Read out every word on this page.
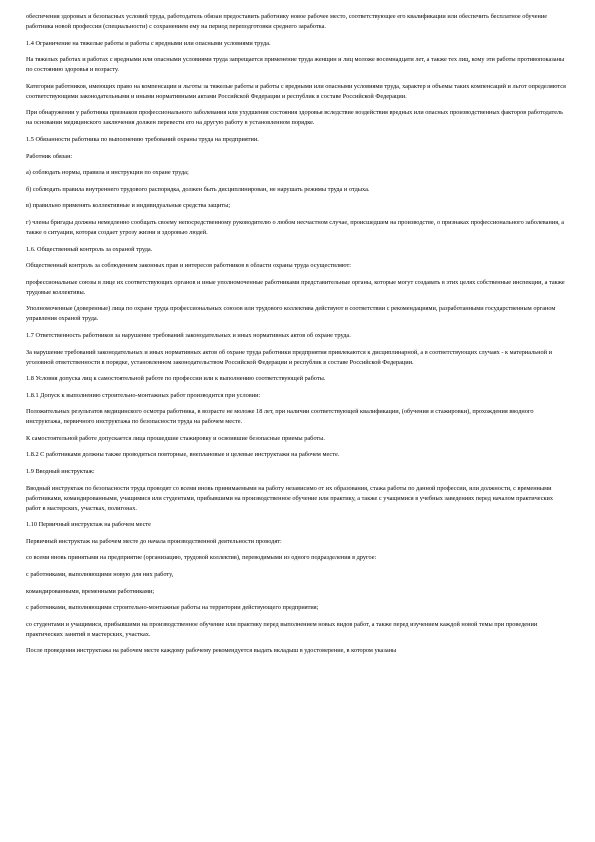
обеспечения здоровых и безопасных условий труда, работодатель обязан предоставить работнику новое рабочее место, соответствующее его квалификации или обеспечить бесплатное обучение работника новой профессии (специальности) с сохранением ему на период переподготовки среднего заработка.

1.4 Ограничение на тяжелые работы и работы с вредными или опасными условиями труда.

На тяжелых работах и работах с вредными или опасными условиями труда запрещается применение труда женщин и лиц моложе восемнадцати лет, а также тех лиц, кому эти работы противопоказаны по состоянию здоровья и возрасту.

Категории работников, имеющих право на компенсации и льготы за тяжелые работы и работы с вредными или опасными условиями труда, характер и объемы таких компенсаций и льгот определяются соответствующими законодательными и иными нормативными актами Российской Федерации и республик в составе Российской Федерации.

При обнаружении у работника признаков профессионального заболевания или ухудшения состояния здоровья вследствие воздействия вредных или опасных производственных факторов работодатель на основании медицинского заключения должен перевести его на другую работу в установленном порядке.

1.5 Обязанности работника по выполнению требований охраны труда на предприятии.

Работник обязан:

а) соблюдать нормы, правила и инструкции по охране труда;

б) соблюдать правила внутреннего трудового распорядка, должен быть дисциплинирован, не нарушать режимы труда и отдыха.

в) правильно применять коллективные и индивидуальные средства защиты;

г) члены бригады должны немедленно сообщать своему непосредственному руководителю о любом несчастном случае, происшедшем на производстве, о признаках профессионального заболевания, а также о ситуации, которая создает угрозу жизни и здоровью людей.

1.6. Общественный контроль за охраной труда.

Общественный контроль за соблюдением законных прав и интересов работников в области охраны труда осуществляют:

профессиональные союзы в лице их соответствующих органов и иные уполномоченные работниками представительные органы, которые могут создавать в этих целях собственные инспекции, а также трудовые коллективы.

Уполномоченные (доверенные) лица по охране труда профессиональных союзов или трудового коллектива действуют в соответствии с рекомендациями, разработанными государственным органом управления охраной труда.

1.7 Ответственность работников за нарушение требований законодательных и иных нормативных актов об охране труда.

За нарушение требований законодательных и иных нормативных актов об охране труда работники предприятия привлекаются к дисциплинарной, а в соответствующих случаях - к материальной и уголовной ответственности в порядке, установленном законодательством Российской Федерации и республик в составе Российской Федерации.

1.8 Условия допуска лиц к самостоятельной работе по профессии или к выполнению соответствующей работы.

1.8.1 Допуск к выполнению строительно-монтажных работ производится при условии:

Положительных результатов медицинского осмотра работника, в возрасте не моложе 18 лет, при наличии соответствующей квалификации, (обучения и стажировки), прохождения вводного инструктажа, первичного инструктажа по безопасности труда на рабочем месте.

К самостоятельной работе допускается лица прошедшие стажировку и освоившие безопасные приемы работы.

1.8.2 С работниками должны также проводиться повторные, внеплановые и целевые инструктажи на рабочем месте.

1.9 Вводный инструктаж:

Вводный инструктаж по безопасности труда проводят со всеми вновь принимаемыми на работу независимо от их образования, стажа работы по данной профессии, или должности, с временными работниками, командированными, учащимися или студентами, прибывшими на производственное обучение или практику, а также с учащимися в учебных заведениях перед началом практических работ в мастерских, участках, полигонах.

1.10 Первичный инструктаж на рабочем месте

Первичный инструктаж на рабочем месте до начала производственной деятельности проводят:

со всеми вновь принятыми на предприятие (организацию, трудовой коллектив), переводимыми из одного подразделения в другое:

с работниками, выполняющими новую для них работу,

командированными, временными работниками;

с работниками, выполняющими строительно-монтажные работы на территории действующего предприятия;

со студентами и учащимися, прибывшими на производственное обучение или практику перед выполнением новых видов работ, а также перед изучением каждой новой темы при проведении практических занятий в мастерских, участках.

После проведения инструктажа на рабочем месте каждому рабочему рекомендуется выдать вкладыш в удостоверение, в котором указаны
